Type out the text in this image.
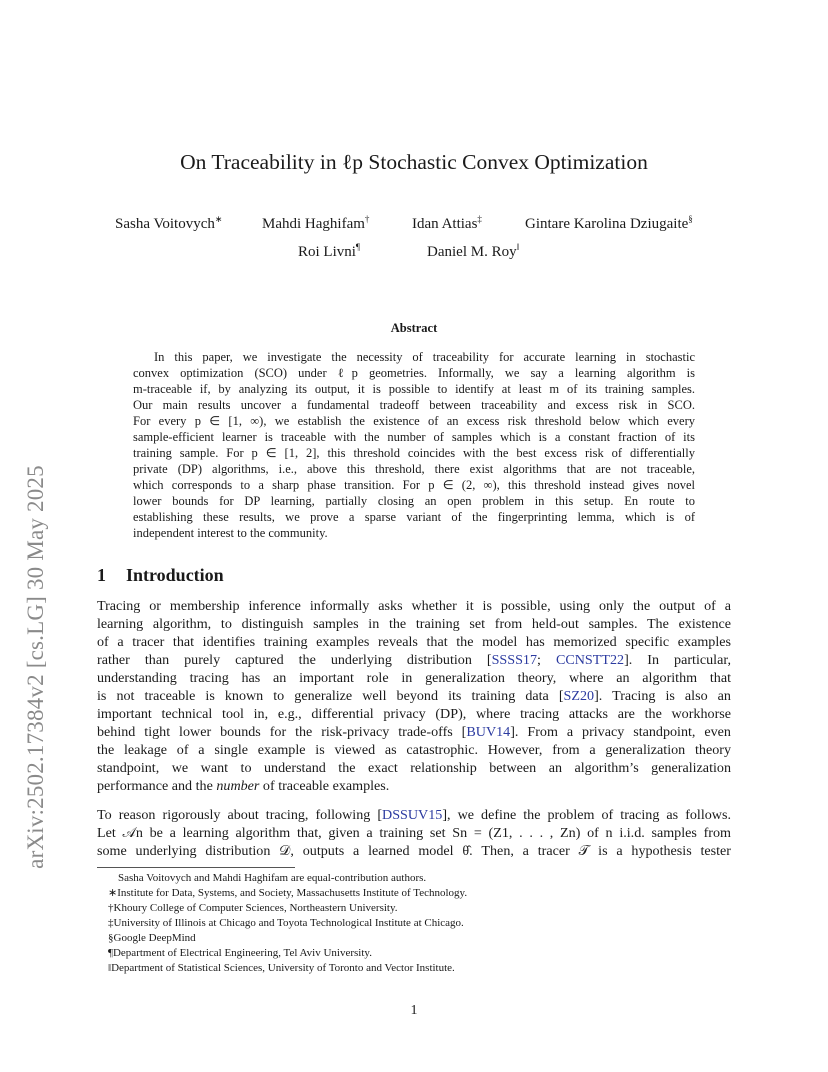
arXiv:2502.17384v2 [cs.LG] 30 May 2025
On Traceability in ℓp Stochastic Convex Optimization
Sasha Voitovych∗	Mahdi Haghifam†	Idan Attias‡	Gintare Karolina Dziugaite§
Roi Livni¶	Daniel M. Roy‖
Abstract
In this paper, we investigate the necessity of traceability for accurate learning in stochastic
convex optimization (SCO) under ℓp geometries. Informally, we say a learning algorithm is
m-traceable if, by analyzing its output, it is possible to identify at least m of its training samples.
Our main results uncover a fundamental tradeoff between traceability and excess risk in SCO.
For every p ∈ [1, ∞), we establish the existence of an excess risk threshold below which every
sample-efficient learner is traceable with the number of samples which is a constant fraction of its
training sample. For p ∈ [1, 2], this threshold coincides with the best excess risk of differentially
private (DP) algorithms, i.e., above this threshold, there exist algorithms that are not traceable,
which corresponds to a sharp phase transition. For p ∈ (2, ∞), this threshold instead gives novel
lower bounds for DP learning, partially closing an open problem in this setup. En route to
establishing these results, we prove a sparse variant of the fingerprinting lemma, which is of
independent interest to the community.
1 Introduction
Tracing or membership inference informally asks whether it is possible, using only the output of a
learning algorithm, to distinguish samples in the training set from held-out samples. The existence
of a tracer that identifies training examples reveals that the model has memorized specific examples
rather than purely captured the underlying distribution [SSSS17; CCNSTT22]. In particular,
understanding tracing has an important role in generalization theory, where an algorithm that
is not traceable is known to generalize well beyond its training data [SZ20]. Tracing is also an
important technical tool in, e.g., differential privacy (DP), where tracing attacks are the workhorse
behind tight lower bounds for the risk-privacy trade-offs [BUV14]. From a privacy standpoint, even
the leakage of a single example is viewed as catastrophic. However, from a generalization theory
standpoint, we want to understand the exact relationship between an algorithm’s generalization
performance and the number of traceable examples.
To reason rigorously about tracing, following [DSSUV15], we define the problem of tracing as follows.
Let 𝒜n be a learning algorithm that, given a training set Sn = (Z1, . . . , Zn) of n i.i.d. samples from
some underlying distribution 𝒟, outputs a learned model θ̂. Then, a tracer 𝒯 is a hypothesis tester
Sasha Voitovych and Mahdi Haghifam are equal-contribution authors.
∗Institute for Data, Systems, and Society, Massachusetts Institute of Technology.
†Khoury College of Computer Sciences, Northeastern University.
‡University of Illinois at Chicago and Toyota Technological Institute at Chicago.
§Google DeepMind
¶Department of Electrical Engineering, Tel Aviv University.
‖Department of Statistical Sciences, University of Toronto and Vector Institute.
1
